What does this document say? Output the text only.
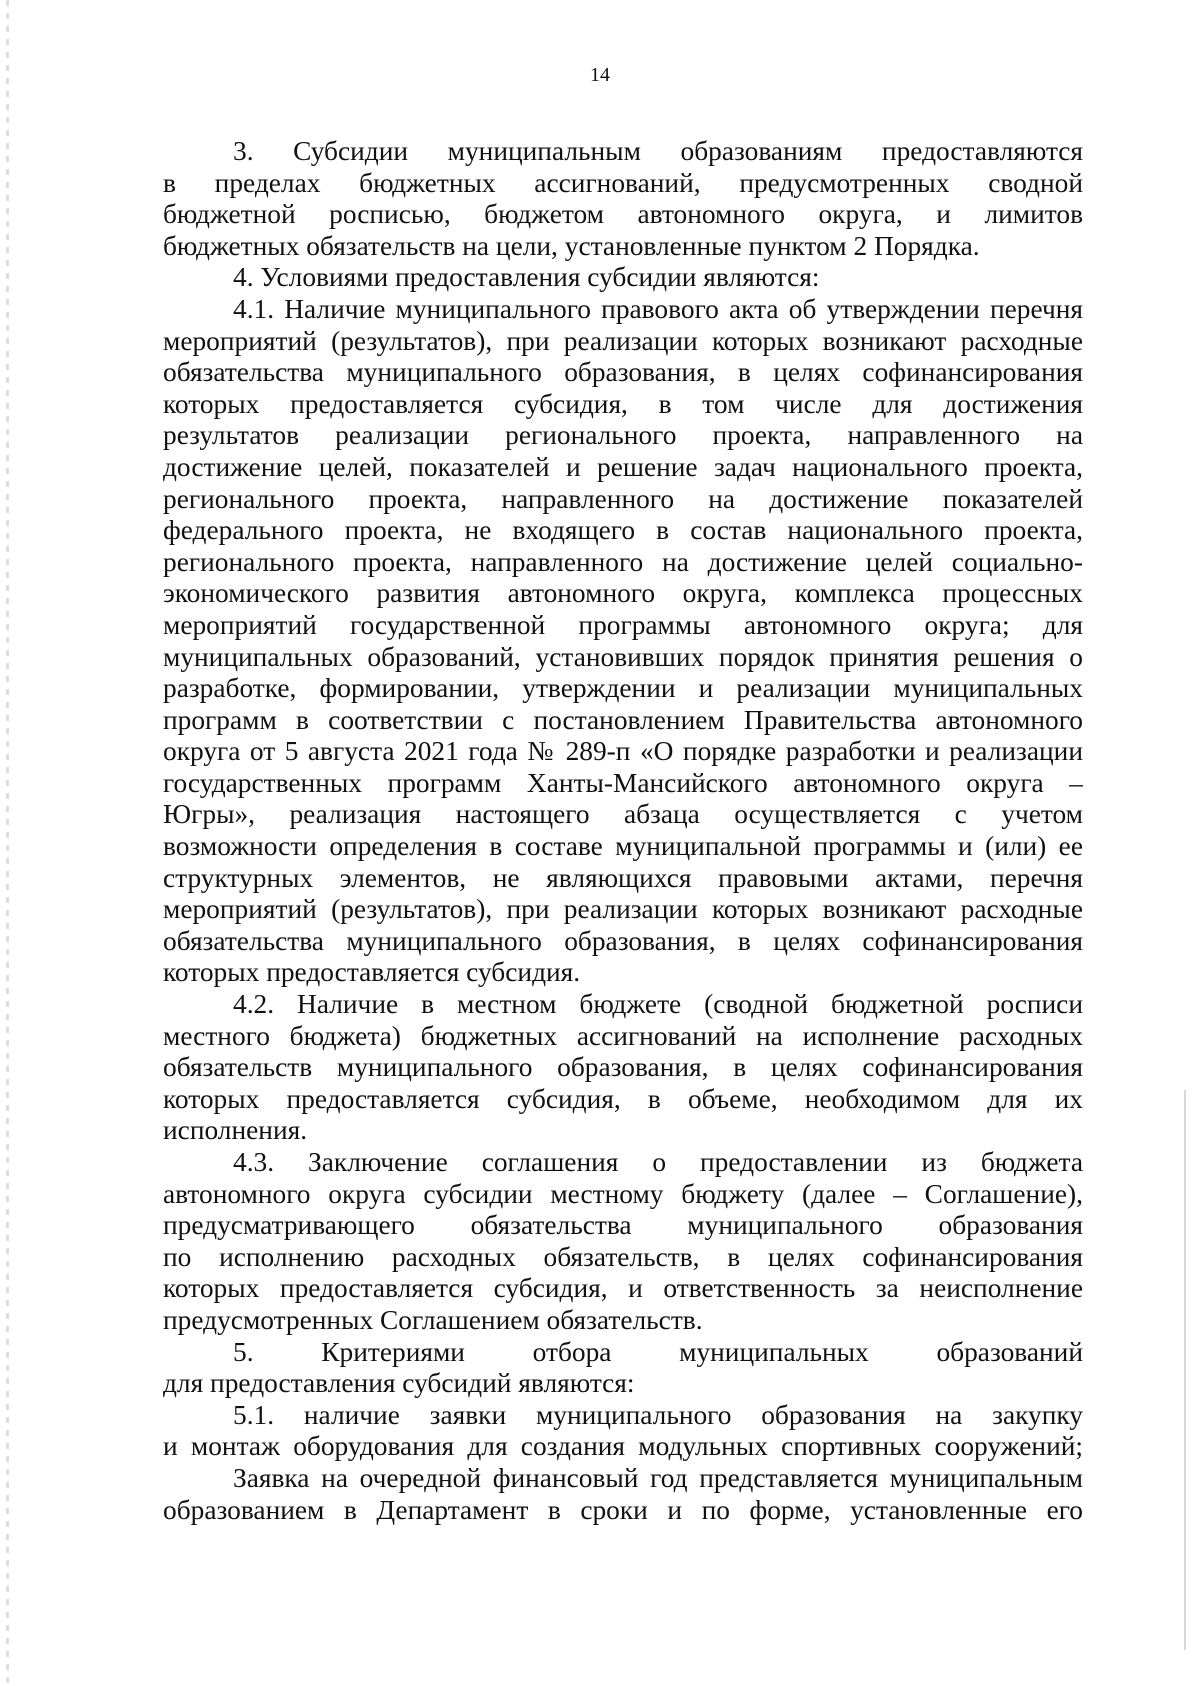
14
3. Субсидии муниципальным образованиям предоставляются
в пределах бюджетных ассигнований, предусмотренных сводной
бюджетной росписью, бюджетом автономного округа, и лимитов
бюджетных обязательств на цели, установленные пунктом 2 Порядка.
4. Условиями предоставления субсидии являются:
4.1. Наличие муниципального правового акта об утверждении перечня
мероприятий (результатов), при реализации которых возникают расходные
обязательства муниципального образования, в целях софинансирования
которых предоставляется субсидия, в том числе для достижения
результатов реализации регионального проекта, направленного на
достижение целей, показателей и решение задач национального проекта,
регионального проекта, направленного на достижение показателей
федерального проекта, не входящего в состав национального проекта,
регионального проекта, направленного на достижение целей социально-
экономического развития автономного округа, комплекса процессных
мероприятий государственной программы автономного округа; для
муниципальных образований, установивших порядок принятия решения о
разработке, формировании, утверждении и реализации муниципальных
программ в соответствии с постановлением Правительства автономного
округа от 5 августа 2021 года № 289-п «О порядке разработки и реализации
государственных программ Ханты-Мансийского автономного округа –
Югры», реализация настоящего абзаца осуществляется с учетом
возможности определения в составе муниципальной программы и (или) ее
структурных элементов, не являющихся правовыми актами, перечня
мероприятий (результатов), при реализации которых возникают расходные
обязательства муниципального образования, в целях софинансирования
которых предоставляется субсидия.
4.2. Наличие в местном бюджете (сводной бюджетной росписи
местного бюджета) бюджетных ассигнований на исполнение расходных
обязательств муниципального образования, в целях софинансирования
которых предоставляется субсидия, в объеме, необходимом для их
исполнения.
4.3. Заключение соглашения о предоставлении из бюджета
автономного округа субсидии местному бюджету (далее – Соглашение),
предусматривающего обязательства муниципального образования
по исполнению расходных обязательств, в целях софинансирования
которых предоставляется субсидия, и ответственность за неисполнение
предусмотренных Соглашением обязательств.
5. Критериями отбора муниципальных образований
для предоставления субсидий являются:
5.1. наличие заявки муниципального образования на закупку
и монтаж оборудования для создания модульных спортивных сооружений;
Заявка на очередной финансовый год представляется муниципальным
образованием в Департамент в сроки и по форме, установленные его
